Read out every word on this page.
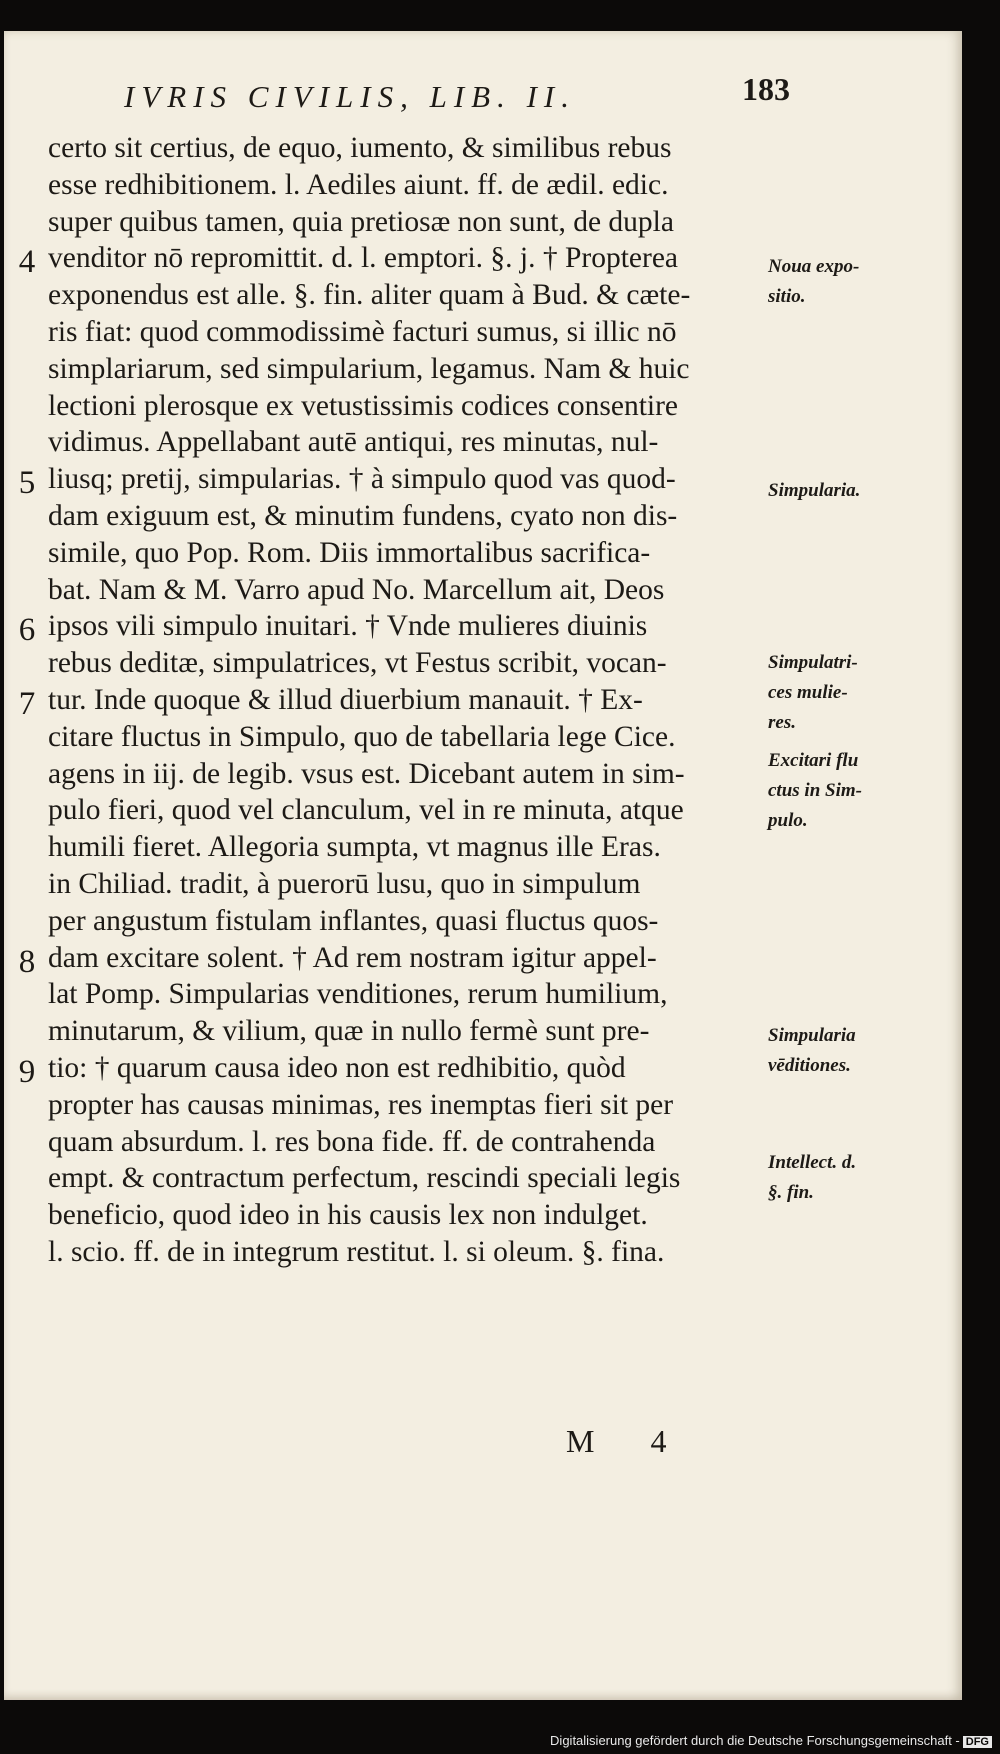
IVRIS CIVILIS, LIB. II.	183
certo sit certius, de equo, iumento, & similibus rebus
esse redhibitionem. l. Aediles aiunt. ff. de ædil. edic.
super quibus tamen, quia pretiosæ non sunt, de dupla
venditor nō repromittit. d. l. emptori. §. j. † Propterea
exponendus est alle. §. fin. aliter quam à Bud. & cæte-
ris fiat: quod commodissimè facturi sumus, si illic nō
simplariarum, sed simpularium, legamus. Nam & huic
lectioni plerosque ex vetustissimis codices consentire
vidimus. Appellabant autē antiqui, res minutas, nul-
liusq; pretij, simpularias. † à simpulo quod vas quod-
dam exiguum est, & minutim fundens, cyato non dis-
simile, quo Pop. Rom. Diis immortalibus sacrifica-
bat. Nam & M. Varro apud No. Marcellum ait, Deos
ipsos vili simpulo inuitari. † Vnde mulieres diuinis
rebus deditæ, simpulatrices, vt Festus scribit, vocan-
tur. Inde quoque & illud diuerbium manauit. † Ex-
citare fluctus in Simpulo, quo de tabellaria lege Cice.
agens in iij. de legib. vsus est. Dicebant autem in sim-
pulo fieri, quod vel clanculum, vel in re minuta, atque
humili fieret. Allegoria sumpta, vt magnus ille Eras.
in Chiliad. tradit, à puerorū lusu, quo in simpulum
per angustum fistulam inflantes, quasi fluctus quos-
dam excitare solent. † Ad rem nostram igitur appel-
lat Pomp. Simpularias venditiones, rerum humilium,
minutarum, & vilium, quæ in nullo fermè sunt pre-
tio: † quarum causa ideo non est redhibitio, quòd
propter has causas minimas, res inemptas fieri sit per
quam absurdum. l. res bona fide. ff. de contrahenda
empt. & contractum perfectum, rescindi speciali legis
beneficio, quod ideo in his causis lex non indulget.
l. scio. ff. de in integrum restitut. l. si oleum. §. fina.
4
5
6
7
8
9
Noua expo-
sitio.
Simpularia.
Simpulatri-
ces mulie-
res.
Excitari flu
ctus in Sim-
pulo.
Simpularia
vēditiones.
Intellect. d.
§. fin.
M 4
Digitalisierung gefördert durch die Deutsche Forschungsgemeinschaft - DFG
